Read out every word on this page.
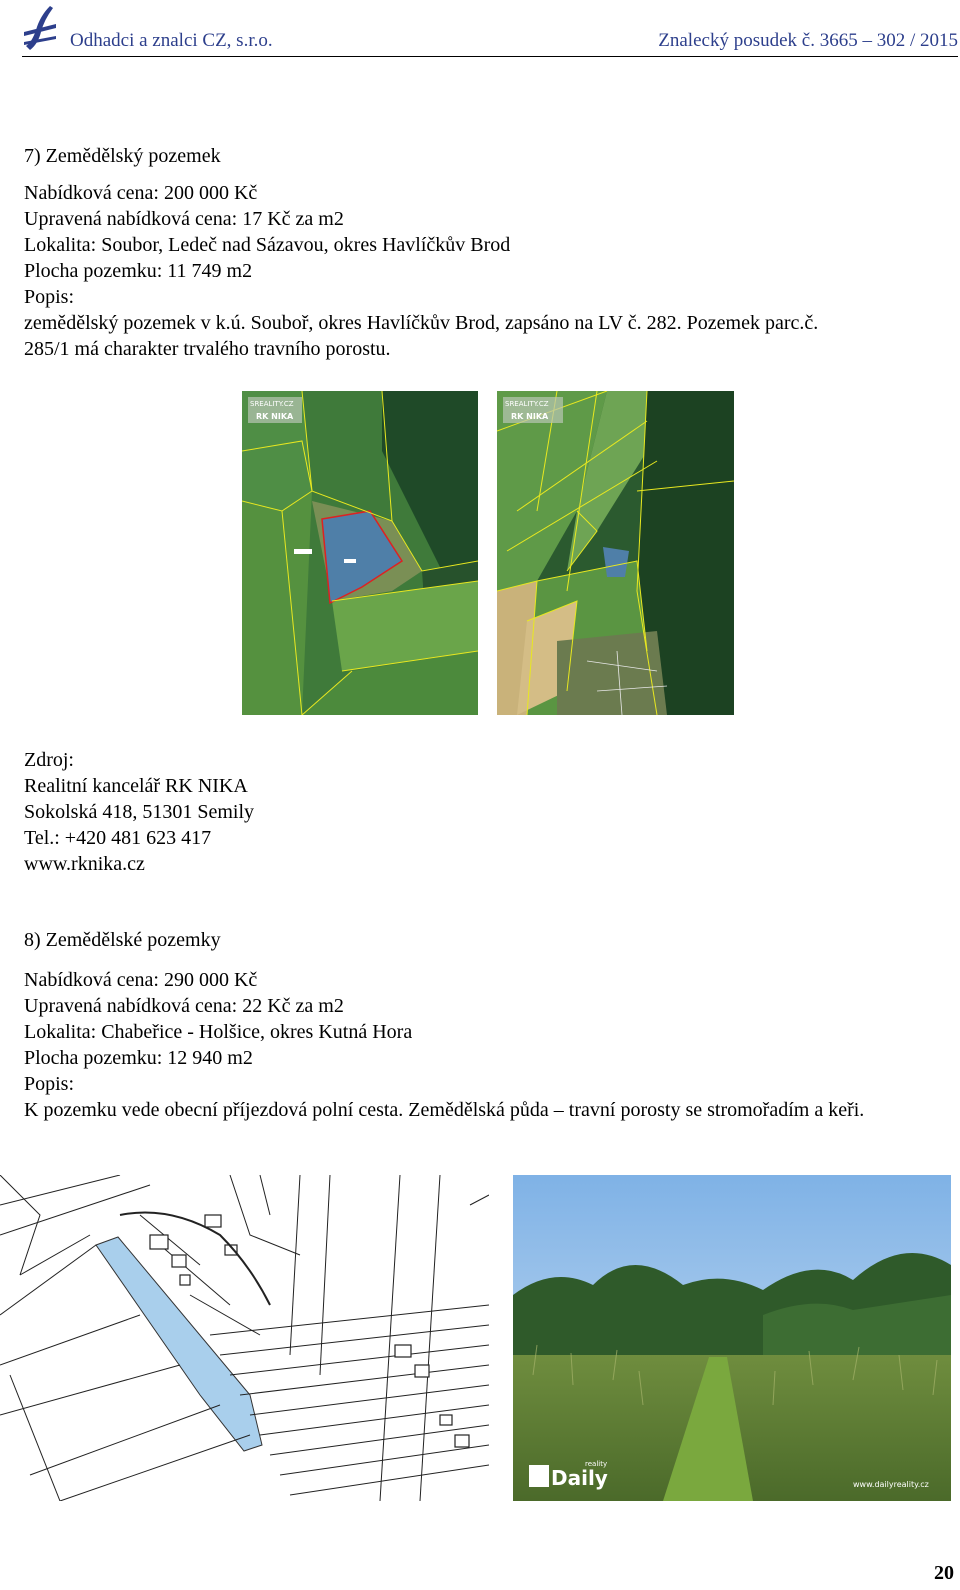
Odhadci a znalci CZ, s.r.o.	Znalecký posudek č. 3665 – 302 / 2015
7) Zemědělský pozemek
Nabídková cena: 200 000 Kč
Upravená nabídková cena: 17 Kč za m2
Lokalita: Soubor, Ledeč nad Sázavou, okres Havlíčkův Brod
Plocha pozemku: 11 749 m2
Popis:
zemědělský pozemek v k.ú. Souboř, okres Havlíčkův Brod, zapsáno na LV č. 282. Pozemek parc.č.
285/1 má charakter trvalého travního porostu.
SREALITY.CZ
RK NIKA
SREALITY.CZ
RK NIKA
Zdroj:
Realitní kancelář RK NIKA
Sokolská 418, 51301 Semily
Tel.: +420 481 623 417
www.rknika.cz
8) Zemědělské pozemky
Nabídková cena: 290 000 Kč
Upravená nabídková cena: 22 Kč za m2
Lokalita: Chabeřice - Holšice, okres Kutná Hora
Plocha pozemku: 12 940 m2
Popis:
K pozemku vede obecní příjezdová polní cesta. Zemědělská půda – travní porosty se stromořadím a keři.
Daily
reality
www.dailyreality.cz
20
